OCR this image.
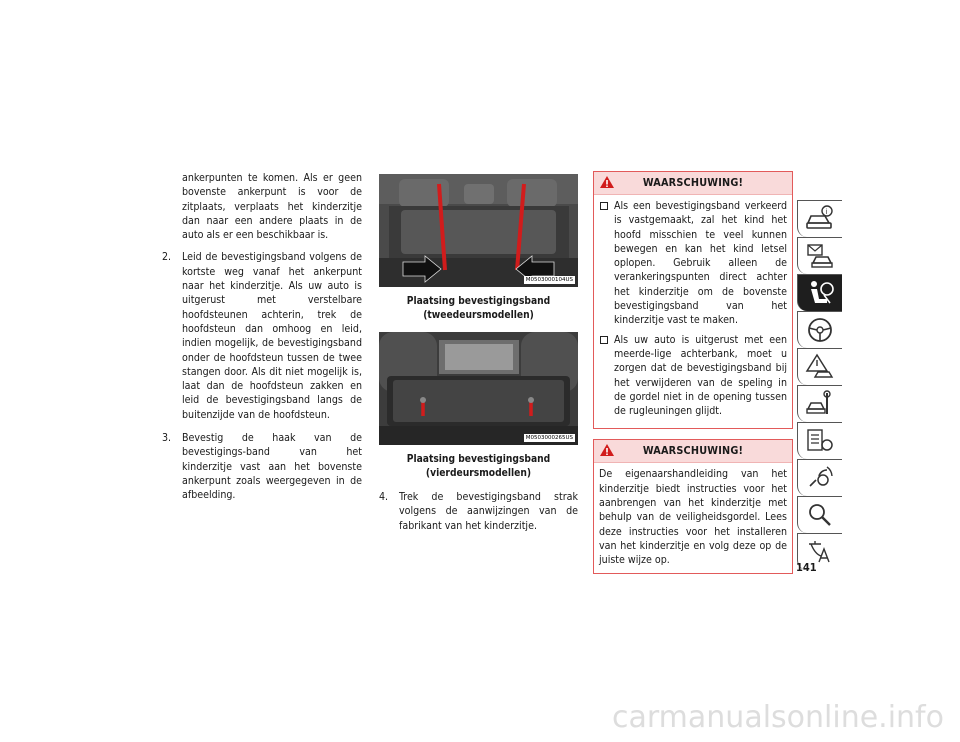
ankerpunten te komen. Als er geen bovenste ankerpunt is voor de zitplaats, verplaats het kinderzitje dan naar een andere plaats in de auto als er een beschikbaar is.

2. Leid de bevestigingsband volgens de kortste weg vanaf het ankerpunt naar het kinderzitje. Als uw auto is uitgerust met verstelbare hoofdsteunen achterin, trek de hoofdsteun dan omhoog en leid, indien mogelijk, de bevestigingsband onder de hoofdsteun tussen de twee stangen door. Als dit niet mogelijk is, laat dan de hoofdsteun zakken en leid de bevestigingsband langs de buitenzijde van de hoofdsteun.
3. Bevestig de haak van de bevestigings-band van het kinderzitje vast aan het bovenste ankerpunt zoals weergegeven in de afbeelding.
M0503000104US
Plaatsing bevestigingsband
(tweedeursmodellen)
M0503000265US
Plaatsing bevestigingsband
(vierdeursmodellen)
4. Trek de bevestigingsband strak volgens de aanwijzingen van de fabrikant van het kinderzitje.
WAARSCHUWING!
Als een bevestigingsband verkeerd is vastgemaakt, zal het kind het hoofd misschien te veel kunnen bewegen en kan het kind letsel oplopen. Gebruik alleen de verankeringspunten direct achter het kinderzitje om de bovenste bevestigingsband van het kinderzitje vast te maken.
Als uw auto is uitgerust met een meerde-lige achterbank, moet u zorgen dat de bevestigingsband bij het verwijderen van de speling in de gordel niet in de opening tussen de rugleuningen glijdt.
WAARSCHUWING!
De eigenaarshandleiding van het kinderzitje biedt instructies voor het aanbrengen van het kinderzitje met behulp van de veiligheidsgordel. Lees deze instructies voor het installeren van het kinderzitje en volg deze op de juiste wijze op.
i
141
carmanualsonline.info
